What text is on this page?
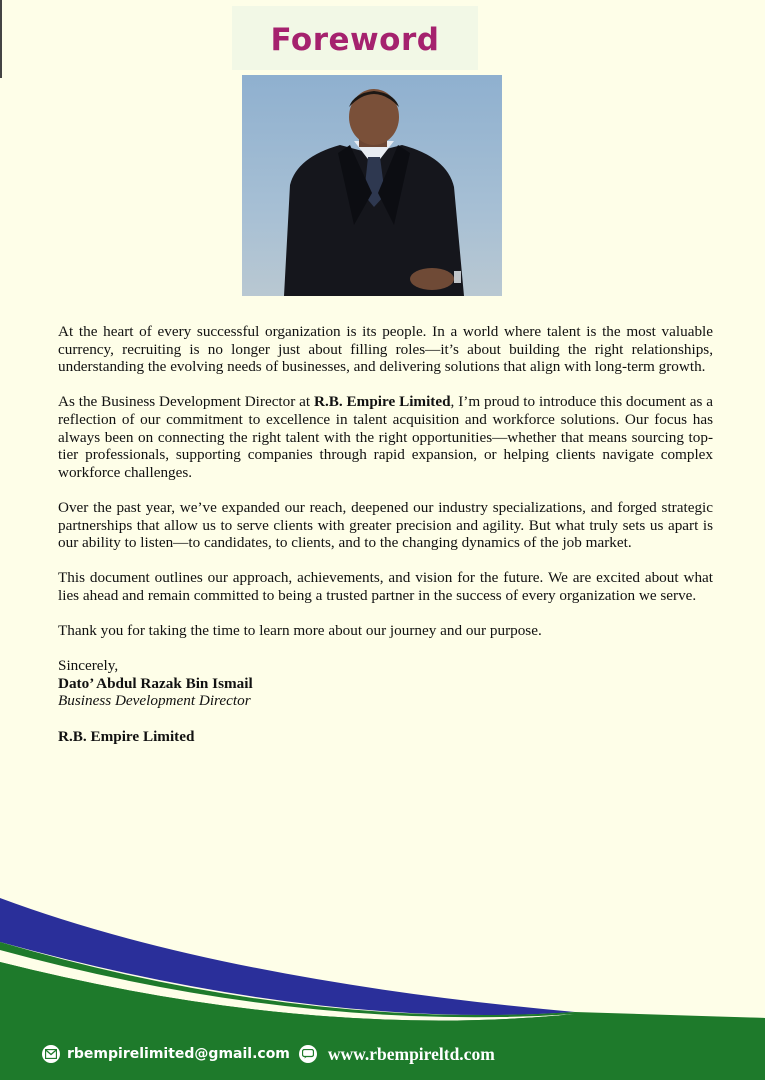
Foreword

At the heart of every successful organization is its people. In a world where talent is the most valuable currency, recruiting is no longer just about filling roles—it’s about building the right relationships, understanding the evolving needs of businesses, and delivering solutions that align with long-term growth.

As the Business Development Director at R.B. Empire Limited, I’m proud to introduce this document as a reflection of our commitment to excellence in talent acquisition and workforce solutions. Our focus has always been on connecting the right talent with the right opportunities—whether that means sourcing top-tier professionals, supporting companies through rapid expansion, or helping clients navigate complex workforce challenges.

Over the past year, we’ve expanded our reach, deepened our industry specializations, and forged strategic partnerships that allow us to serve clients with greater precision and agility. But what truly sets us apart is our ability to listen—to candidates, to clients, and to the changing dynamics of the job market.

This document outlines our approach, achievements, and vision for the future. We are excited about what lies ahead and remain committed to being a trusted partner in the success of every organization we serve.

Thank you for taking the time to learn more about our journey and our purpose.

Sincerely,
Dato’ Abdul Razak Bin Ismail
Business Development Director
R.B. Empire Limited
rbempirelimited@gmail.com www.rbempireltd.com
